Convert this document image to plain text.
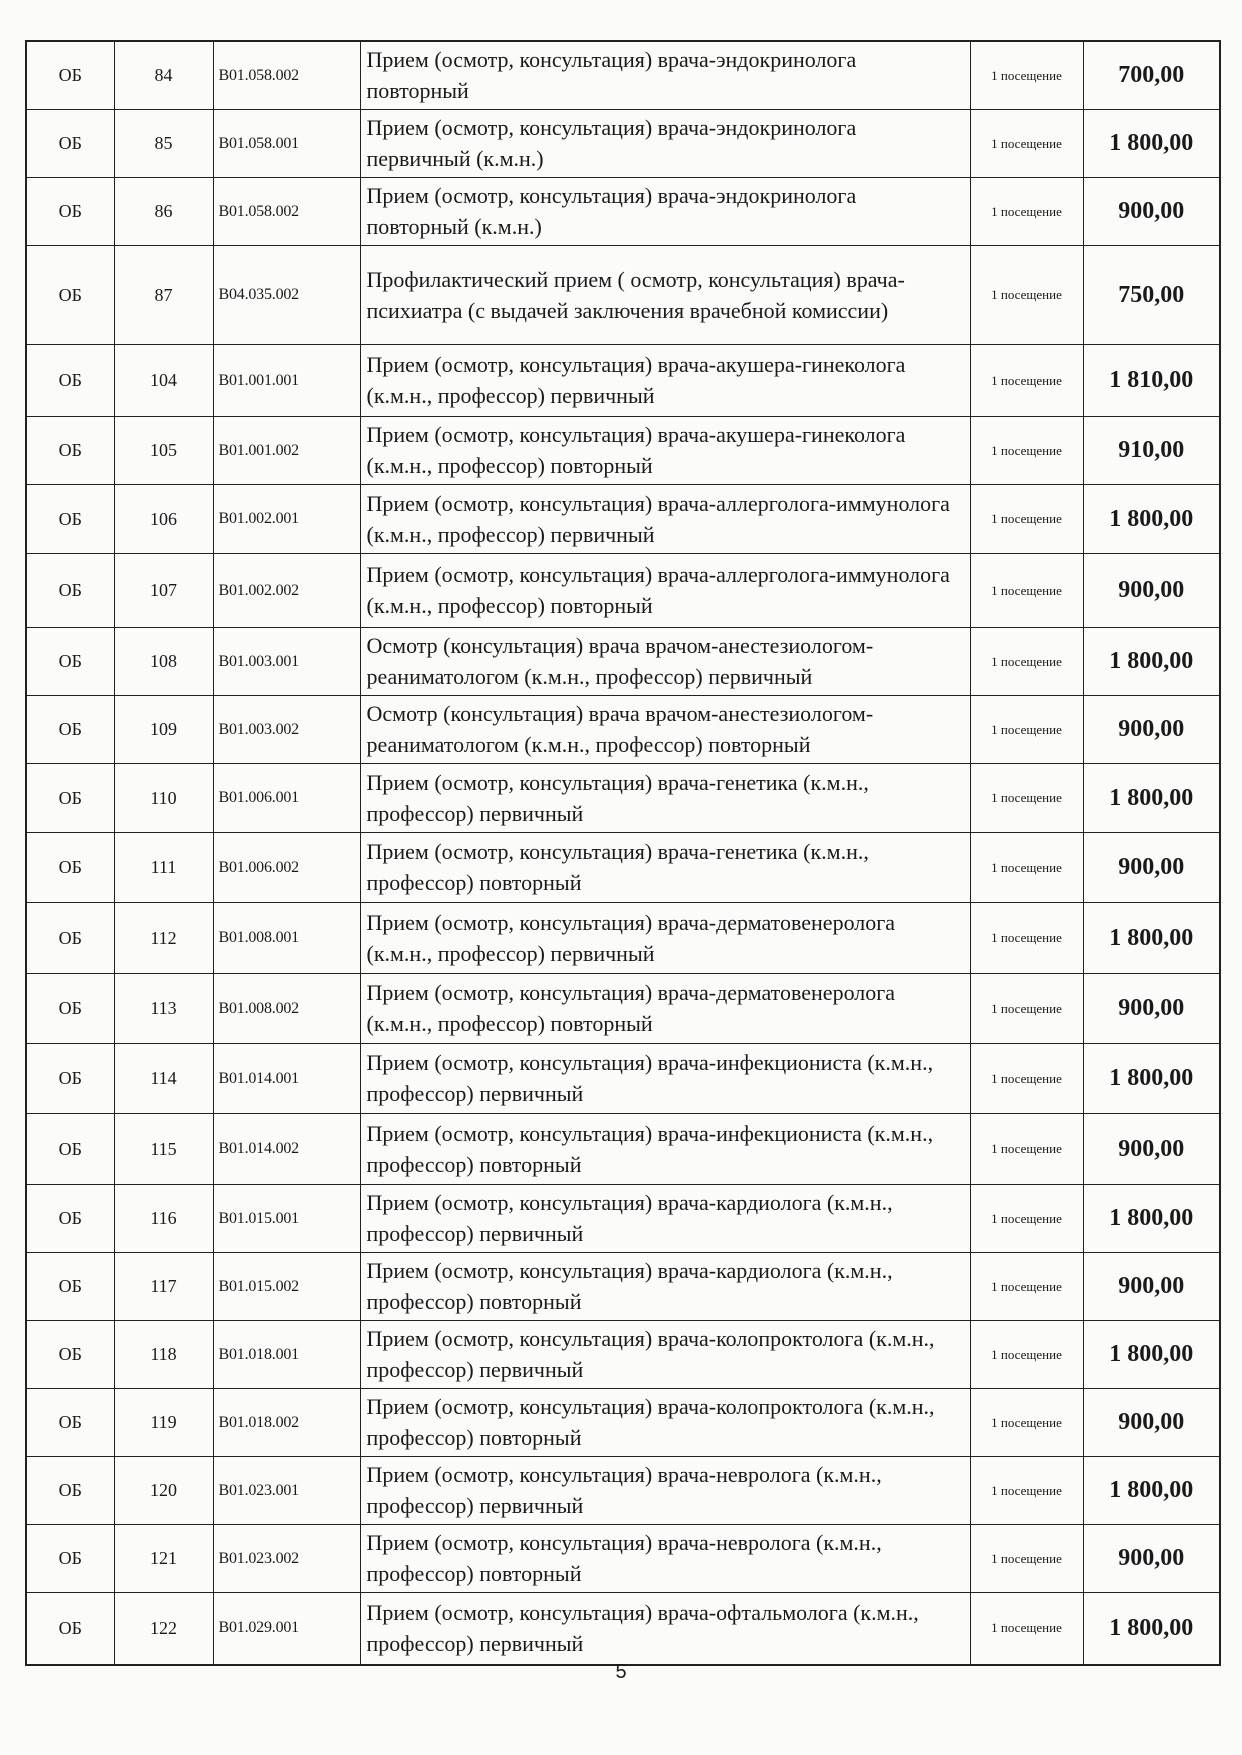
ОБ	84	B01.058.002	Прием (осмотр, консультация) врача-эндокринолога повторный	1 посещение	700,00
ОБ	85	B01.058.001	Прием (осмотр, консультация) врача-эндокринолога первичный (к.м.н.)	1 посещение	1 800,00
ОБ	86	B01.058.002	Прием (осмотр, консультация) врача-эндокринолога повторный (к.м.н.)	1 посещение	900,00
ОБ	87	B04.035.002	Профилактический прием ( осмотр, консультация) врача-психиатра (с выдачей заключения врачебной комиссии)	1 посещение	750,00
ОБ	104	B01.001.001	Прием (осмотр, консультация) врача-акушера-гинеколога (к.м.н., профессор) первичный	1 посещение	1 810,00
ОБ	105	B01.001.002	Прием (осмотр, консультация) врача-акушера-гинеколога (к.м.н., профессор) повторный	1 посещение	910,00
ОБ	106	B01.002.001	Прием (осмотр, консультация) врача-аллерголога-иммунолога (к.м.н., профессор) первичный	1 посещение	1 800,00
ОБ	107	B01.002.002	Прием (осмотр, консультация) врача-аллерголога-иммунолога (к.м.н., профессор) повторный	1 посещение	900,00
ОБ	108	B01.003.001	Осмотр (консультация) врача врачом-анестезиологом-реаниматологом (к.м.н., профессор) первичный	1 посещение	1 800,00
ОБ	109	B01.003.002	Осмотр (консультация) врача врачом-анестезиологом-реаниматологом (к.м.н., профессор) повторный	1 посещение	900,00
ОБ	110	B01.006.001	Прием (осмотр, консультация) врача-генетика (к.м.н., профессор) первичный	1 посещение	1 800,00
ОБ	111	B01.006.002	Прием (осмотр, консультация) врача-генетика (к.м.н., профессор) повторный	1 посещение	900,00
ОБ	112	B01.008.001	Прием (осмотр, консультация) врача-дерматовенеролога (к.м.н., профессор) первичный	1 посещение	1 800,00
ОБ	113	B01.008.002	Прием (осмотр, консультация) врача-дерматовенеролога (к.м.н., профессор) повторный	1 посещение	900,00
ОБ	114	B01.014.001	Прием (осмотр, консультация) врача-инфекциониста (к.м.н., профессор) первичный	1 посещение	1 800,00
ОБ	115	B01.014.002	Прием (осмотр, консультация) врача-инфекциониста (к.м.н., профессор) повторный	1 посещение	900,00
ОБ	116	B01.015.001	Прием (осмотр, консультация) врача-кардиолога (к.м.н., профессор) первичный	1 посещение	1 800,00
ОБ	117	B01.015.002	Прием (осмотр, консультация) врача-кардиолога (к.м.н., профессор) повторный	1 посещение	900,00
ОБ	118	B01.018.001	Прием (осмотр, консультация) врача-колопроктолога (к.м.н., профессор) первичный	1 посещение	1 800,00
ОБ	119	B01.018.002	Прием (осмотр, консультация) врача-колопроктолога (к.м.н., профессор) повторный	1 посещение	900,00
ОБ	120	B01.023.001	Прием (осмотр, консультация) врача-невролога (к.м.н., профессор) первичный	1 посещение	1 800,00
ОБ	121	B01.023.002	Прием (осмотр, консультация) врача-невролога (к.м.н., профессор) повторный	1 посещение	900,00
ОБ	122	B01.029.001	Прием (осмотр, консультация) врача-офтальмолога (к.м.н., профессор) первичный	1 посещение	1 800,00
5
